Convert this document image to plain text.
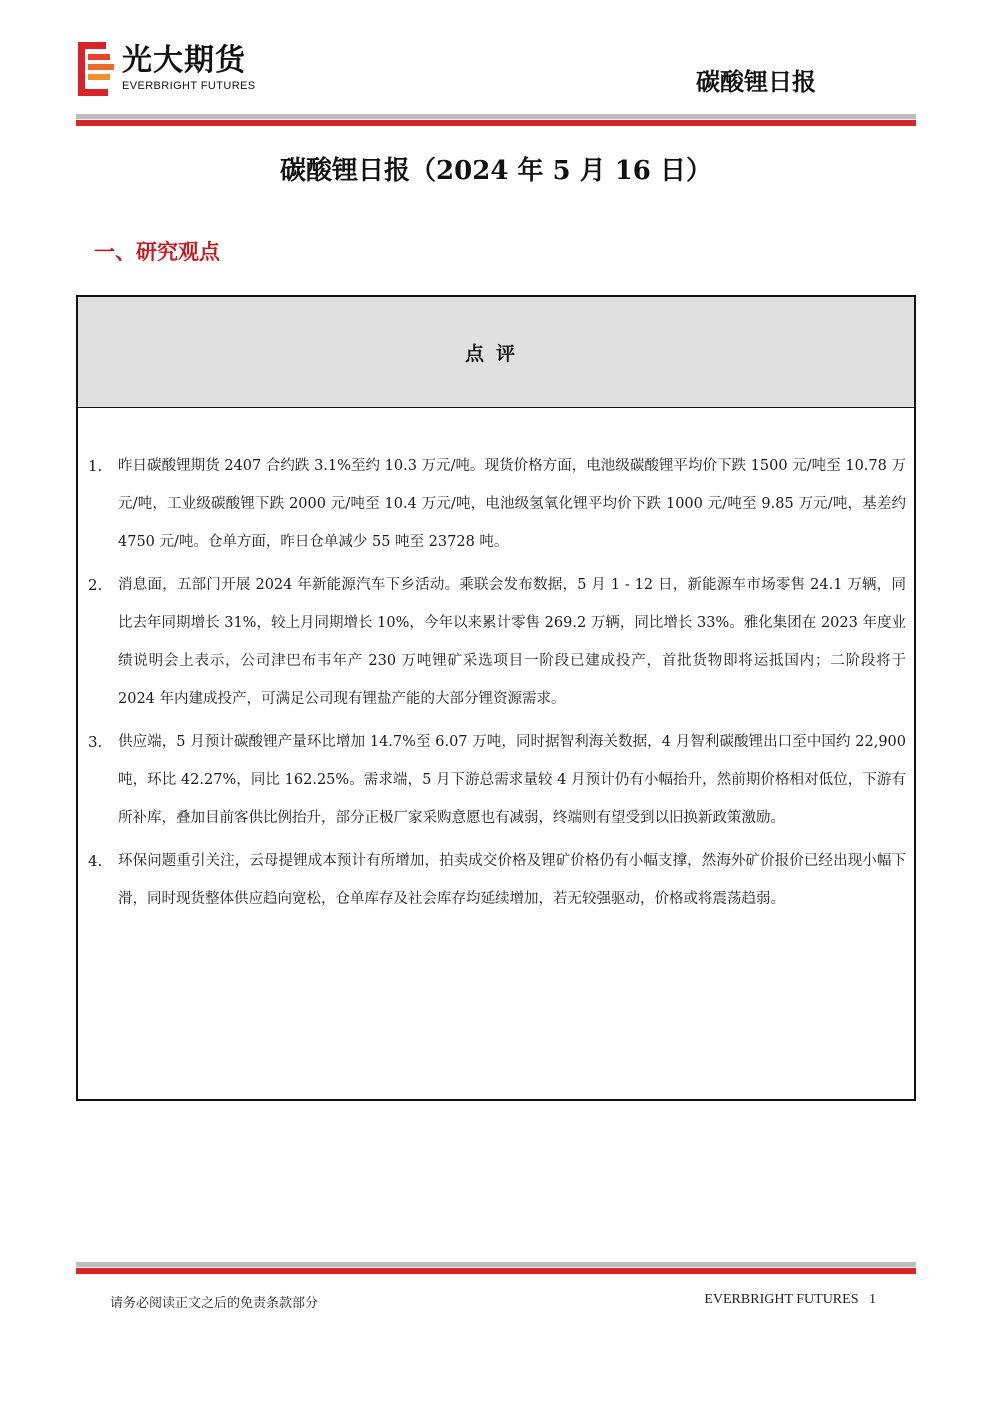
光大期货
EVERBRIGHT FUTURES	碳酸锂日报
碳酸锂日报（2024 年 5 月 16 日）
一、研究观点
点评
1. 昨日碳酸锂期货 2407 合约跌 3.1%至约 10.3 万元/吨。现货价格方面，电池级碳酸锂平均价下跌 1500 元/吨至 10.78 万元/吨，工业级碳酸锂下跌 2000 元/吨至 10.4 万元/吨，电池级氢氧化锂平均价下跌 1000 元/吨至 9.85 万元/吨，基差约 4750 元/吨。仓单方面，昨日仓单减少 55 吨至 23728 吨。
2. 消息面，五部门开展 2024 年新能源汽车下乡活动。乘联会发布数据，5 月 1 - 12 日，新能源车市场零售 24.1 万辆，同比去年同期增长 31%，较上月同期增长 10%，今年以来累计零售 269.2 万辆，同比增长 33%。雅化集团在 2023 年度业绩说明会上表示，公司津巴布韦年产 230 万吨锂矿采选项目一阶段已建成投产，首批货物即将运抵国内；二阶段将于 2024 年内建成投产，可满足公司现有锂盐产能的大部分锂资源需求。
3. 供应端，5 月预计碳酸锂产量环比增加 14.7%至 6.07 万吨，同时据智利海关数据，4 月智利碳酸锂出口至中国约 22,900 吨，环比 42.27%，同比 162.25%。需求端，5 月下游总需求量较 4 月预计仍有小幅抬升，然前期价格相对低位，下游有所补库，叠加目前客供比例抬升，部分正极厂家采购意愿也有减弱，终端则有望受到以旧换新政策激励。
4. 环保问题重引关注，云母提锂成本预计有所增加，拍卖成交价格及锂矿价格仍有小幅支撑，然海外矿价报价已经出现小幅下滑，同时现货整体供应趋向宽松，仓单库存及社会库存均延续增加，若无较强驱动，价格或将震荡趋弱。
请务必阅读正文之后的免责条款部分	EVERBRIGHT FUTURES 1
